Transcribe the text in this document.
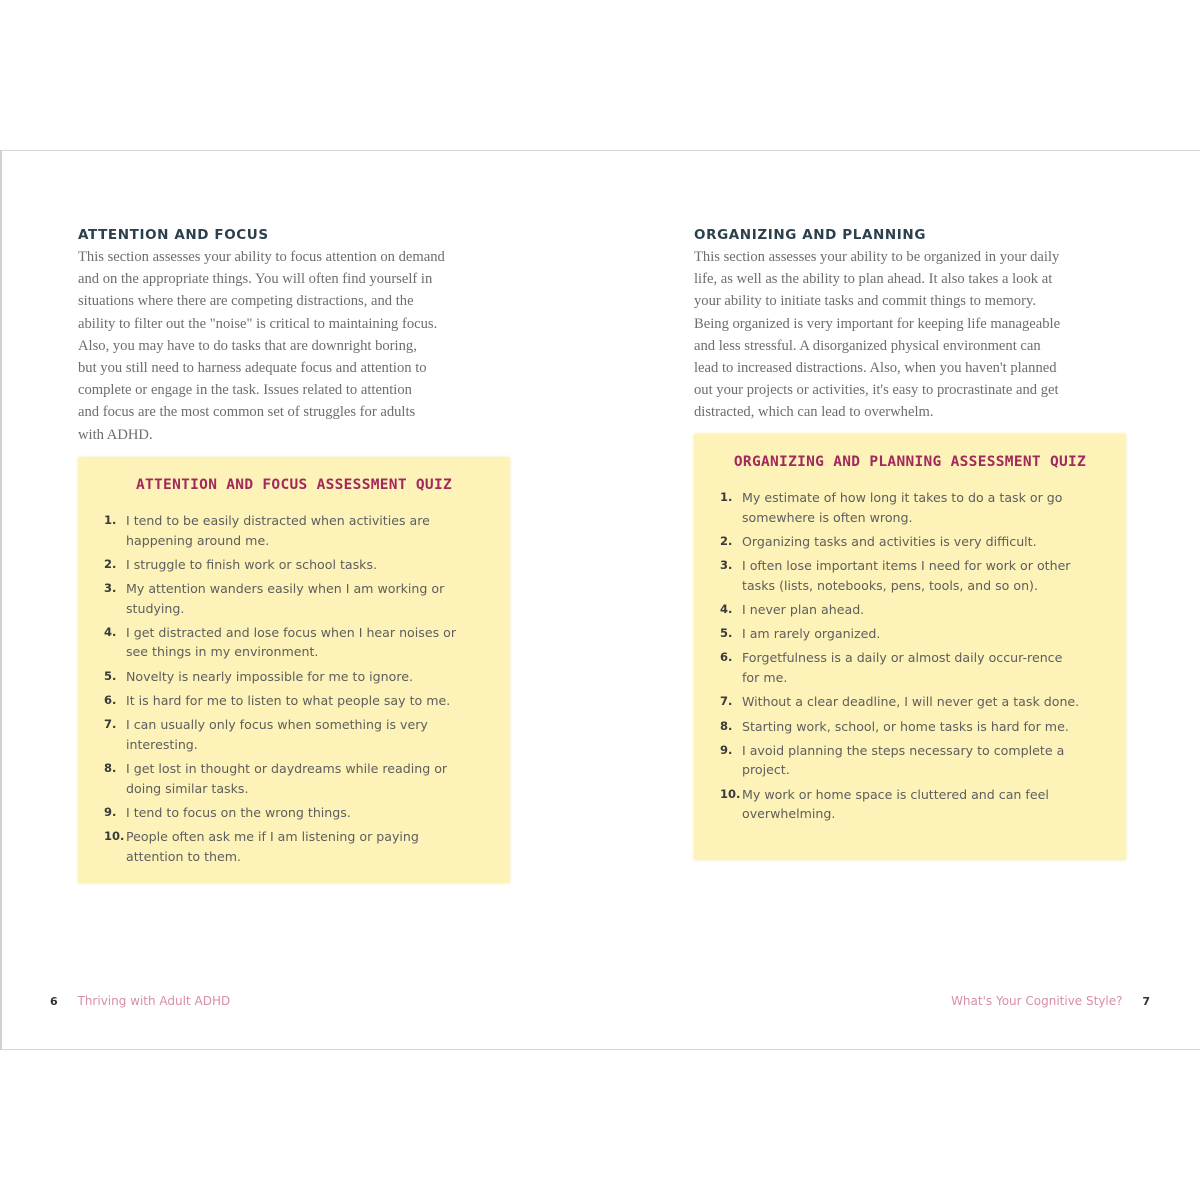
ATTENTION AND FOCUS
This section assesses your ability to focus attention on demand
and on the appropriate things. You will often find yourself in
situations where there are competing distractions, and the
ability to filter out the "noise" is critical to maintaining focus.
Also, you may have to do tasks that are downright boring,
but you still need to harness adequate focus and attention to
complete or engage in the task. Issues related to attention
and focus are the most common set of struggles for adults
with ADHD.
ATTENTION AND FOCUS ASSESSMENT QUIZ
1. I tend to be easily distracted when activities are happening around me.
2. I struggle to finish work or school tasks.
3. My attention wanders easily when I am working or studying.
4. I get distracted and lose focus when I hear noises or see things in my environment.
5. Novelty is nearly impossible for me to ignore.
6. It is hard for me to listen to what people say to me.
7. I can usually only focus when something is very interesting.
8. I get lost in thought or daydreams while reading or doing similar tasks.
9. I tend to focus on the wrong things.
10. People often ask me if I am listening or paying attention to them.
6 Thriving with Adult ADHD
ORGANIZING AND PLANNING
This section assesses your ability to be organized in your daily
life, as well as the ability to plan ahead. It also takes a look at
your ability to initiate tasks and commit things to memory.
Being organized is very important for keeping life manageable
and less stressful. A disorganized physical environment can
lead to increased distractions. Also, when you haven't planned
out your projects or activities, it's easy to procrastinate and get
distracted, which can lead to overwhelm.
ORGANIZING AND PLANNING ASSESSMENT QUIZ
1. My estimate of how long it takes to do a task or go somewhere is often wrong.
2. Organizing tasks and activities is very difficult.
3. I often lose important items I need for work or other tasks (lists, notebooks, pens, tools, and so on).
4. I never plan ahead.
5. I am rarely organized.
6. Forgetfulness is a daily or almost daily occur-rence for me.
7. Without a clear deadline, I will never get a task done.
8. Starting work, school, or home tasks is hard for me.
9. I avoid planning the steps necessary to complete a project.
10. My work or home space is cluttered and can feel overwhelming.
What's Your Cognitive Style? 7
